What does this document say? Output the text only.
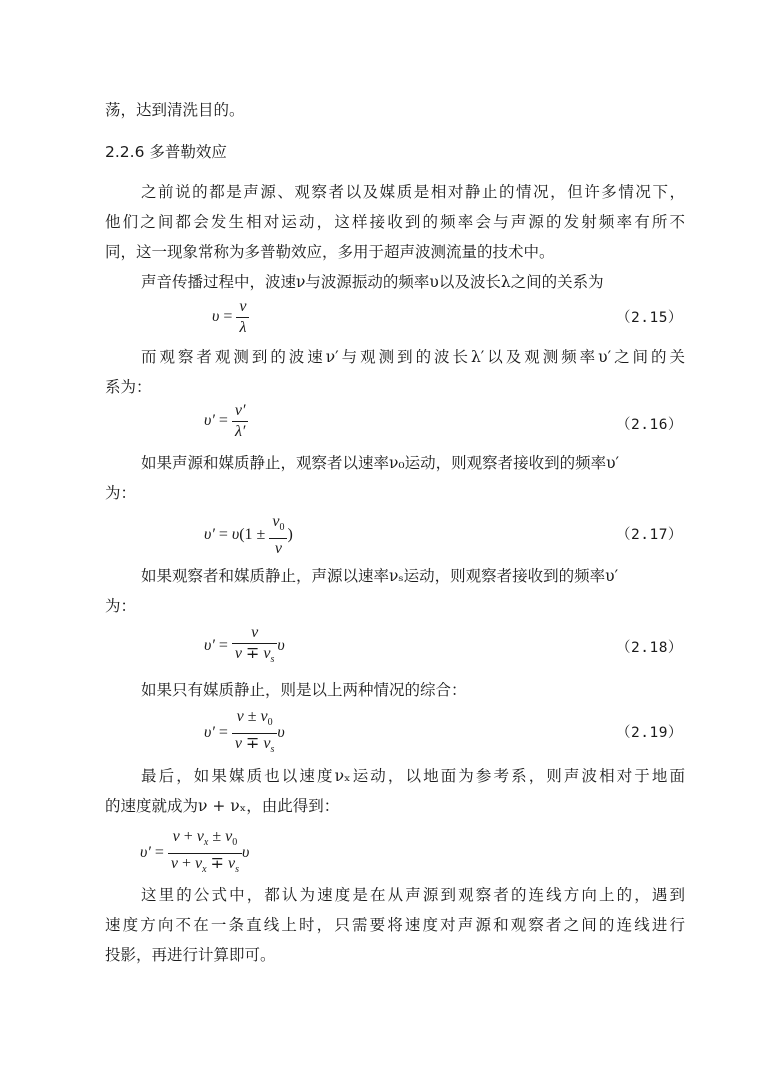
荡，达到清洗目的。
2.2.6 多普勒效应
之前说的都是声源、观察者以及媒质是相对静止的情况，但许多情况下，
他们之间都会发生相对运动，这样接收到的频率会与声源的发射频率有所不
同，这一现象常称为多普勒效应，多用于超声波测流量的技术中。
声音传播过程中，波速ν与波源振动的频率υ以及波长λ之间的关系为
$\upsilon = \frac{v}{\lambda}$	（2.15）
而观察者观测到的波速ν′与观测到的波长λ′以及观测频率υ′之间的关
系为：
$\upsilon' = \frac{v'}{\lambda'}$	（2.16）
如果声源和媒质静止，观察者以速率ν₀运动，则观察者接收到的频率υ′
为：
$\upsilon' = \upsilon(1 \pm \frac{v_0}{v}$ )	（2.17）
如果观察者和媒质静止，声源以速率νₛ运动，则观察者接收到的频率υ′
为：
$\upsilon' = \frac{v}{v \mp v_s}$ υ	（2.18）
如果只有媒质静止，则是以上两种情况的综合：
$\upsilon' = \frac{v \pm v_0}{v \mp v_s}$ υ	（2.19）
最后，如果媒质也以速度νₓ运动，以地面为参考系，则声波相对于地面
的速度就成为ν + νₓ，由此得到：
$\upsilon' = \frac{v + v_x \pm v_0}{v + v_x \mp v_s}$ υ
这里的公式中，都认为速度是在从声源到观察者的连线方向上的，遇到
速度方向不在一条直线上时，只需要将速度对声源和观察者之间的连线进行
投影，再进行计算即可。
